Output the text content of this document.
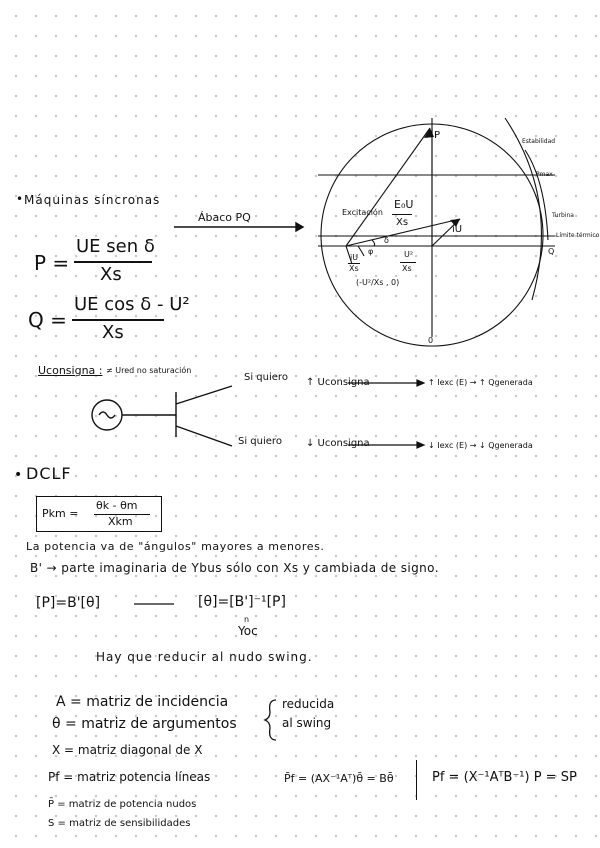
• Máquinas síncronas
Ábaco PQ
P =
UE sen δ
Xs
Q =
UE cos δ - U²
Xs
P
Q
0
Estabilidad
Pmax
Turbina
Límite térmico
Excitación
E₀U
Xs
iU
δ
φ
iU
Xs
U²
Xs
(-U²/Xs , 0)
Uconsigna : ≠ Ured no saturación
Si quiero ↑ Uconsigna	↑ Iexc (E) → ↑ Qgenerada
Si quiero ↓ Uconsigna	↓ Iexc (E) → ↓ Qgenerada
• DCLF
Pkm =
θk - θm
Xkm
La potencia va de "ángulos" mayores a menores.
B' → parte imaginaria de Ybus sólo con Xs y cambiada de signo.
[P]=B'[θ]	[θ]=[B']⁻¹[P]
n
Yoc
Hay que reducir al nudo swing.
A = matriz de incidencia
θ = matriz de argumentos
reducida
al swing
X = matriz diagonal de X
Pf = matriz potencia líneas	P̄f = (AX⁻¹Aᵀ)θ̄ = Bθ̄	Pf = (X⁻¹AᵀB⁻¹) P = SP
P̄ = matriz de potencia nudos
S = matriz de sensibilidades
